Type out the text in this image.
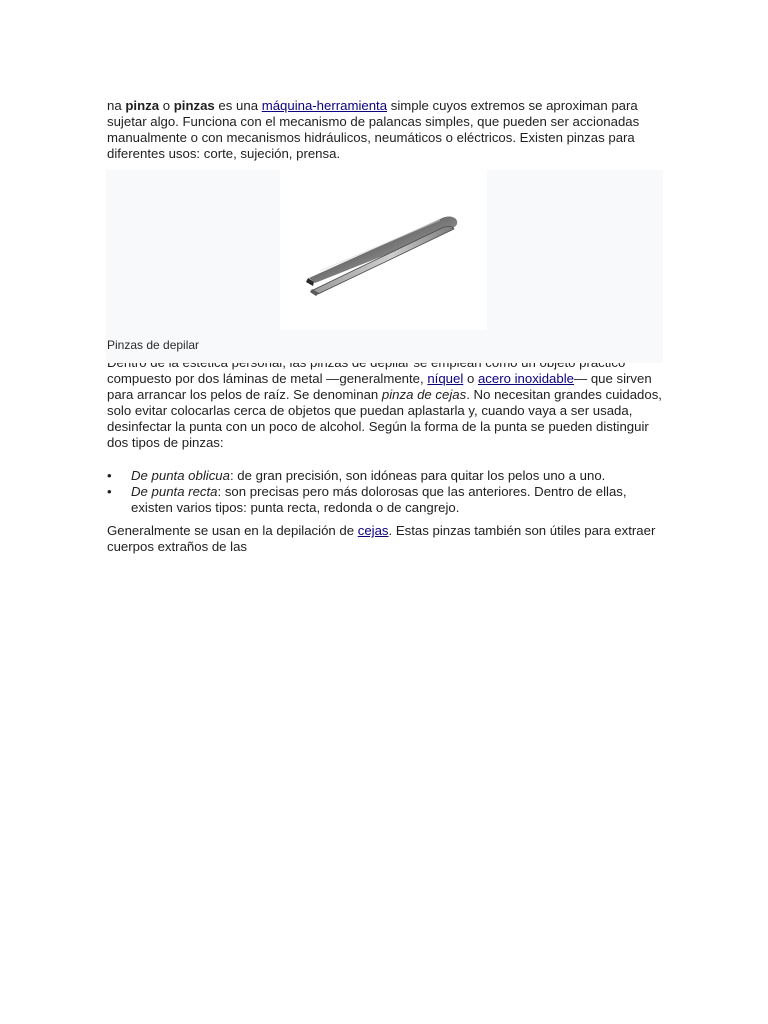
na pinza o pinzas es una máquina-herramienta simple cuyos extremos se aproximan para sujetar algo. Funciona con el mecanismo de palancas simples, que pueden ser accionadas manualmente o con mecanismos hidráulicos, neumáticos o eléctricos. Existen pinzas para diferentes usos: corte, sujeción, prensa.

Pinzas de depilar

compuesto por dos láminas de metal —generalmente, níquel o acero inoxidable— que sirven para arrancar los pelos de raíz. Se denominan pinza de cejas. No necesitan grandes cuidados, solo evitar colocarlas cerca de objetos que puedan aplastarla y, cuando vaya a ser usada, desinfectar la punta con un poco de alcohol. Según la forma de la punta se pueden distinguir dos tipos de pinzas:

•	De punta oblicua: de gran precisión, son idóneas para quitar los pelos uno a uno.
•	De punta recta: son precisas pero más dolorosas que las anteriores. Dentro de ellas, existen varios tipos: punta recta, redonda o de cangrejo.

Generalmente se usan en la depilación de cejas. Estas pinzas también son útiles para extraer cuerpos extraños de las
